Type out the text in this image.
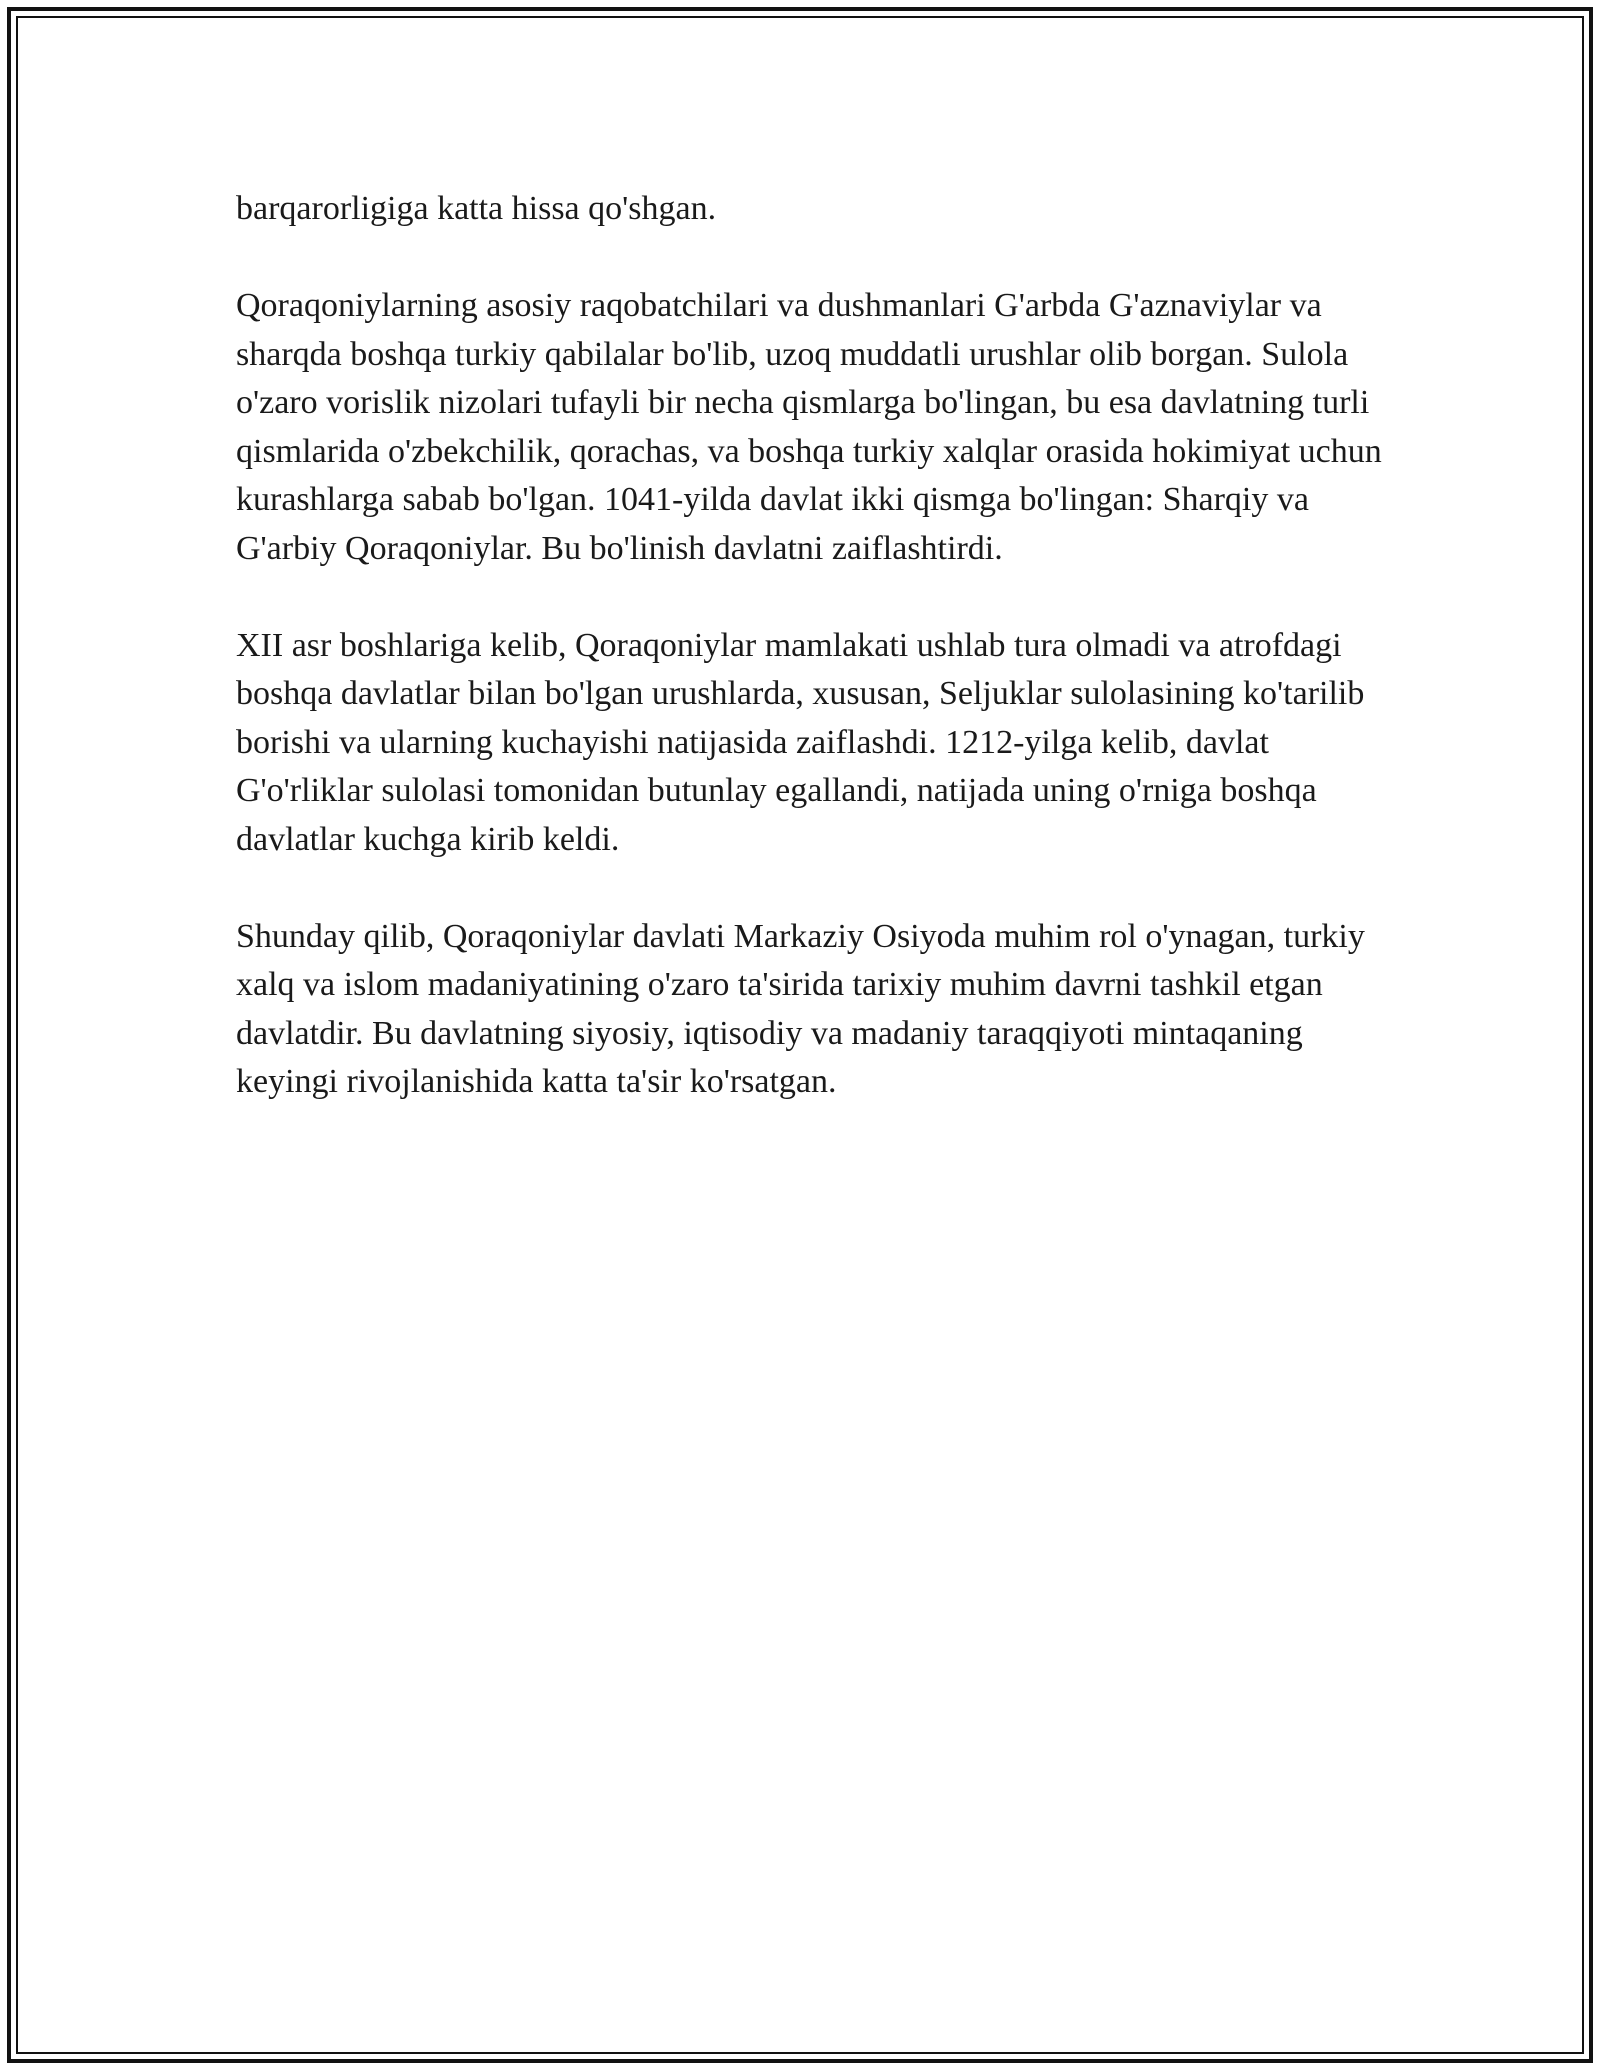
barqarorligiga katta hissa qo'shgan.

Qoraqoniylarning asosiy raqobatchilari va dushmanlari G'arbda G'aznaviylar va sharqda boshqa turkiy qabilalar bo'lib, uzoq muddatli urushlar olib borgan. Sulola o'zaro vorislik nizolari tufayli bir necha qismlarga bo'lingan, bu esa davlatning turli qismlarida o'zbekchilik, qorachas, va boshqa turkiy xalqlar orasida hokimiyat uchun kurashlarga sabab bo'lgan. 1041-yilda davlat ikki qismga bo'lingan: Sharqiy va G'arbiy Qoraqoniylar. Bu bo'linish davlatni zaiflashtirdi.

XII asr boshlariga kelib, Qoraqoniylar mamlakati ushlab tura olmadi va atrofdagi boshqa davlatlar bilan bo'lgan urushlarda, xususan, Seljuklar sulolasining ko'tarilib borishi va ularning kuchayishi natijasida zaiflashdi. 1212-yilga kelib, davlat G'o'rliklar sulolasi tomonidan butunlay egallandi, natijada uning o'rniga boshqa davlatlar kuchga kirib keldi.

Shunday qilib, Qoraqoniylar davlati Markaziy Osiyoda muhim rol o'ynagan, turkiy xalq va islom madaniyatining o'zaro ta'sirida tarixiy muhim davrni tashkil etgan davlatdir. Bu davlatning siyosiy, iqtisodiy va madaniy taraqqiyoti mintaqaning keyingi rivojlanishida katta ta'sir ko'rsatgan.
